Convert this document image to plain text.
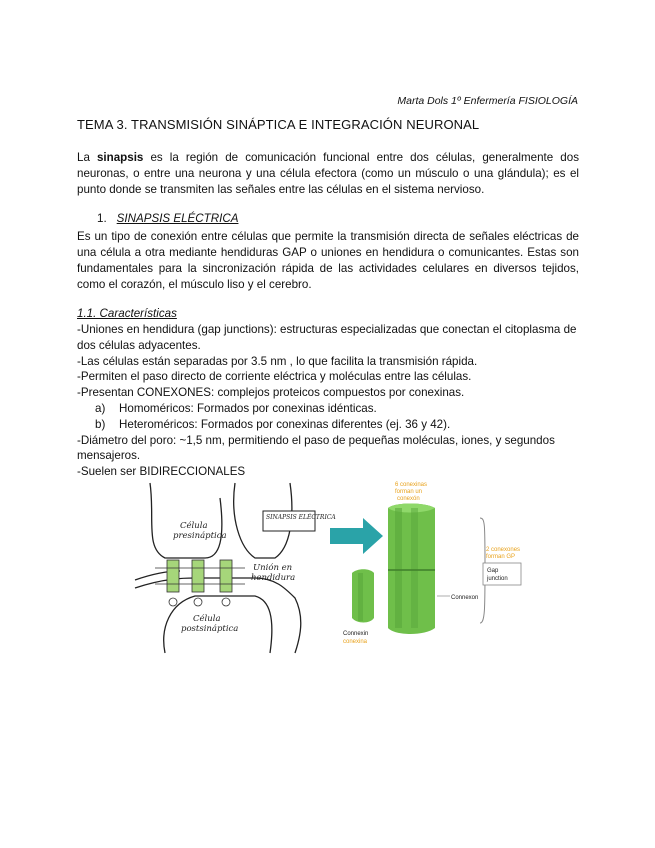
Marta Dols 1º Enfermería FISIOLOGÍA
TEMA 3. TRANSMISIÓN SINÁPTICA E INTEGRACIÓN NEURONAL
La sinapsis es la región de comunicación funcional entre dos células, generalmente dos neuronas, o entre una neurona y una célula efectora (como un músculo o una glándula); es el punto donde se transmiten las señales entre las células en el sistema nervioso.
1. SINAPSIS ELÉCTRICA
Es un tipo de conexión entre células que permite la transmisión directa de señales eléctricas de una célula a otra mediante hendiduras GAP o uniones en hendidura o comunicantes. Estas son fundamentales para la sincronización rápida de las actividades celulares en diversos tejidos, como el corazón, el músculo liso y el cerebro.
1.1. Características
-Uniones en hendidura (gap junctions): estructuras especializadas que conectan el citoplasma de dos células adyacentes.
-Las células están separadas por 3.5 nm , lo que facilita la transmisión rápida.
-Permiten el paso directo de corriente eléctrica y moléculas entre las células.
-Presentan CONEXONES: complejos proteicos compuestos por conexinas.
a) Homoméricos: Formados por conexinas idénticas.
b) Heteroméricos: Formados por conexinas diferentes (ej. 36 y 42).
-Diámetro del poro: ~1,5 nm, permitiendo el paso de pequeñas moléculas, iones, y segundos mensajeros.
-Suelen ser BIDIRECCIONALES
Célula
presináptica
Unión en
hendidura
Célula
postsináptica
SINAPSIS ELÉCTRICA
6 conexinas
forman un
conexón
2 conexones
forman GP
Gap
junction
Connexon
Connexin
conexina
